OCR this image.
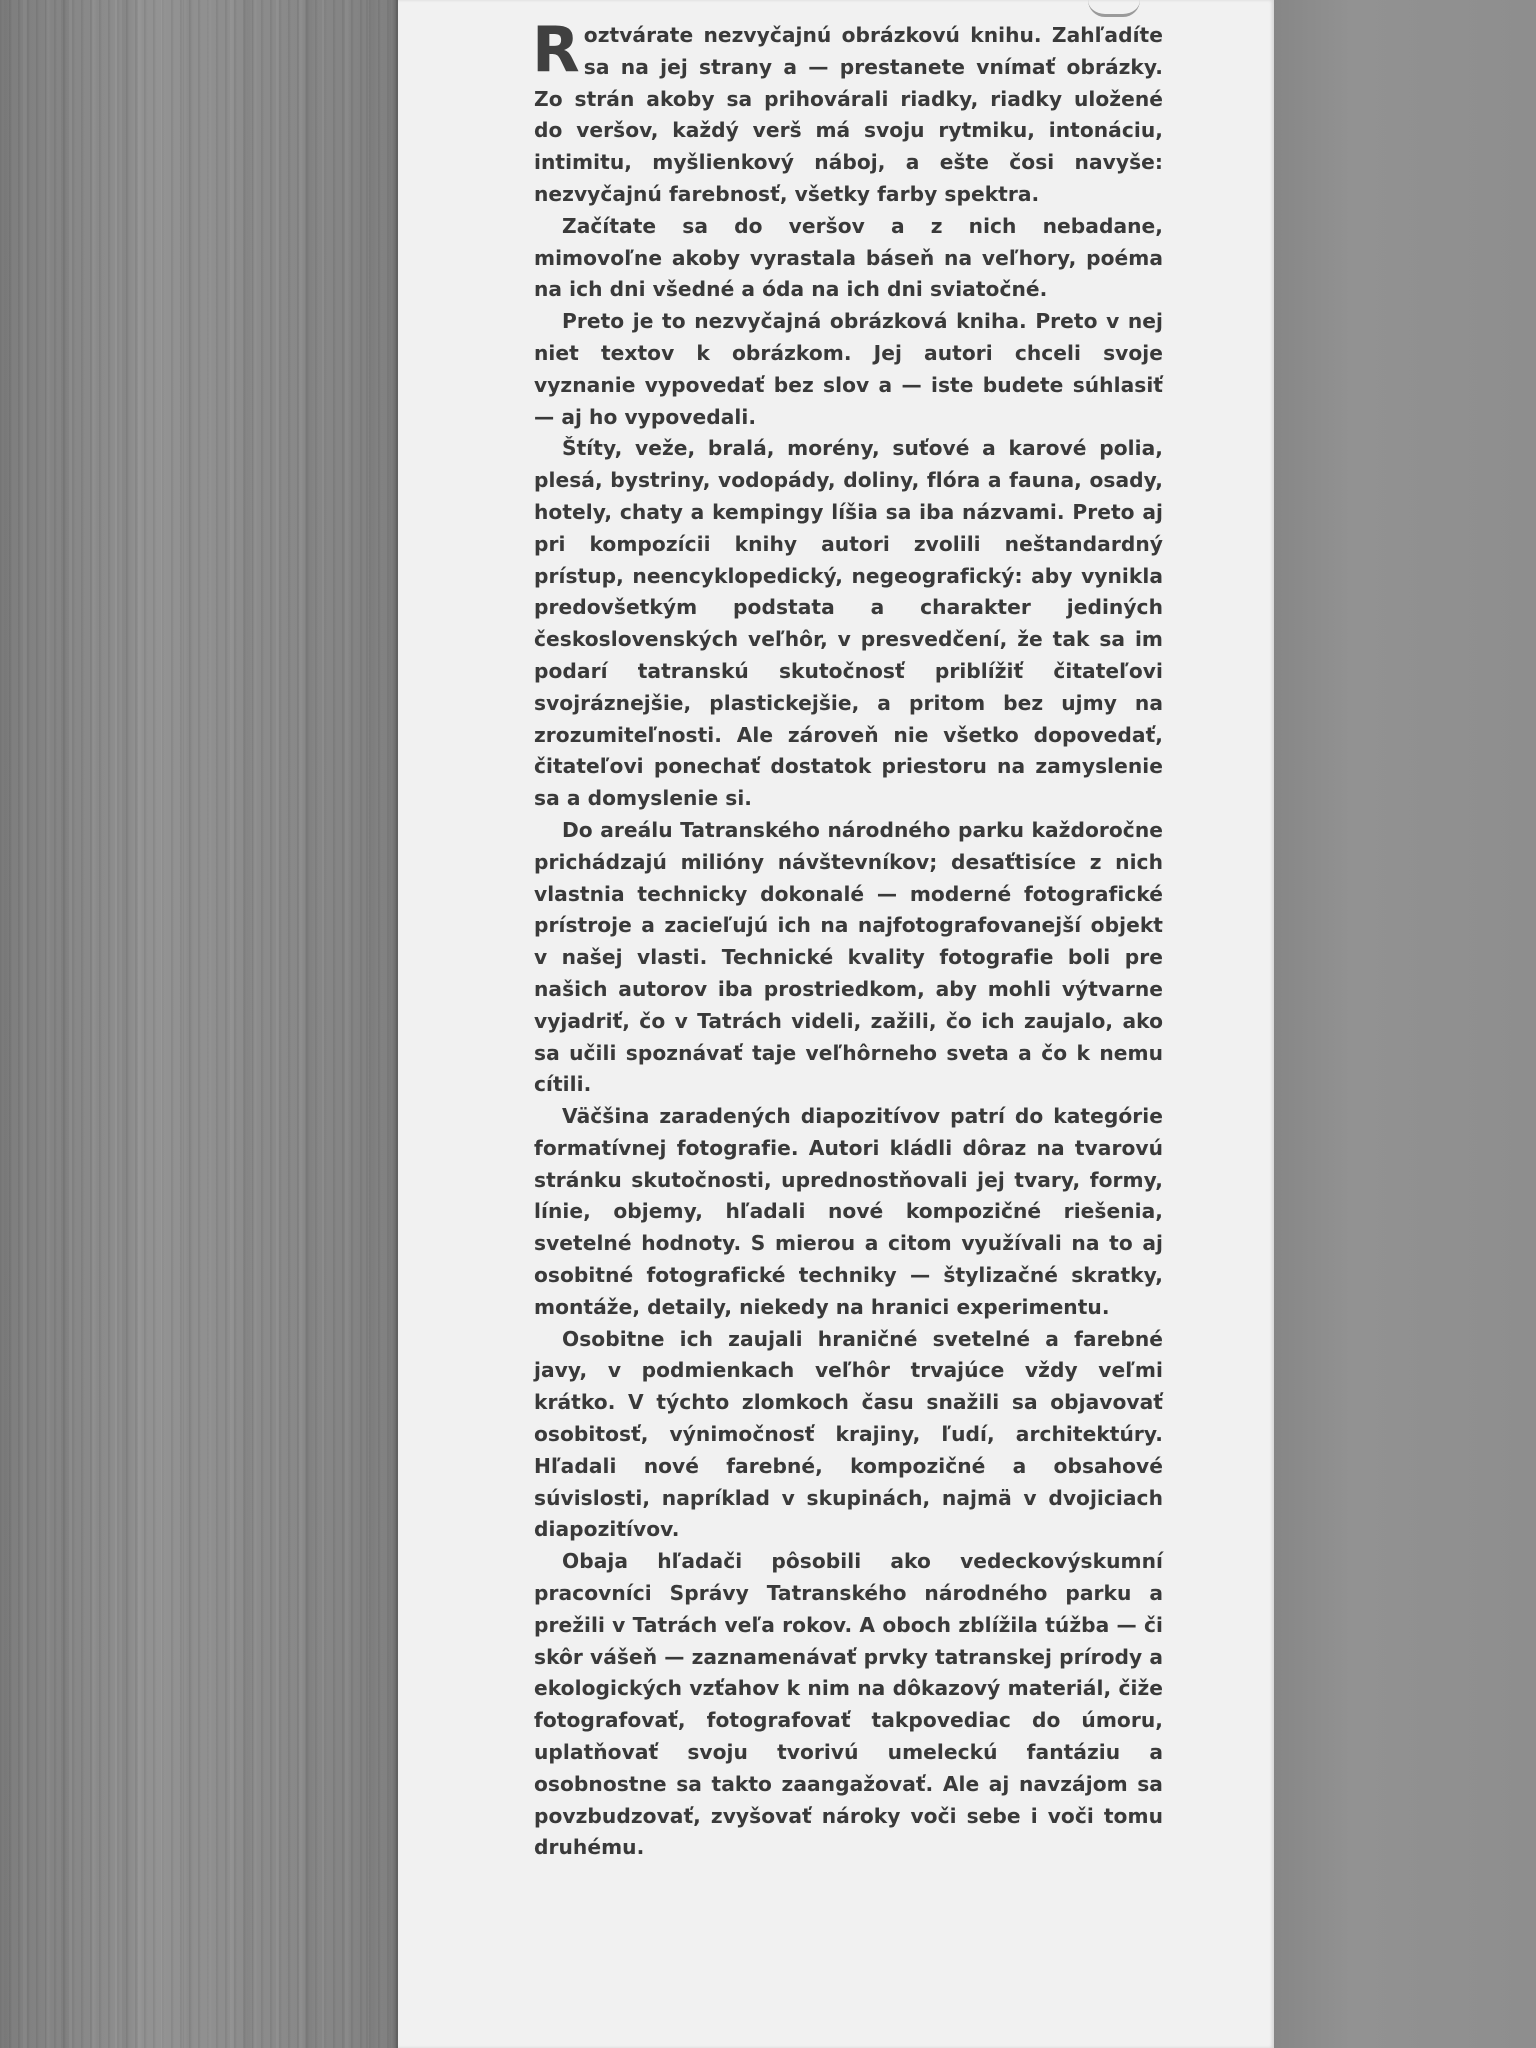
Roztvárate nezvyčajnú obrázkovú knihu. Zahľadíte sa na jej strany a — prestanete vnímať obrázky. Zo strán akoby sa prihovárali riadky, riadky uložené do veršov, každý verš má svoju rytmiku, intonáciu, intimitu, myšlienkový náboj, a ešte čosi navyše: nezvyčajnú farebnosť, všetky farby spektra.

Začítate sa do veršov a z nich nebadane, mimovoľne akoby vyrastala báseň na veľhory, poéma na ich dni všedné a óda na ich dni sviatočné.

Preto je to nezvyčajná obrázková kniha. Preto v nej niet textov k obrázkom. Jej autori chceli svoje vyznanie vypovedať bez slov a — iste budete súhlasiť — aj ho vypovedali.

Štíty, veže, bralá, morény, suťové a karové polia, plesá, bystriny, vodopády, doliny, flóra a fauna, osady, hotely, chaty a kempingy líšia sa iba názvami. Preto aj pri kompozícii knihy autori zvolili neštandardný prístup, neencyklopedický, negeografický: aby vynikla predovšetkým podstata a charakter jediných československých veľhôr, v presvedčení, že tak sa im podarí tatranskú skutočnosť priblížiť čitateľovi svojráznejšie, plastickejšie, a pritom bez ujmy na zrozumiteľnosti. Ale zároveň nie všetko dopovedať, čitateľovi ponechať dostatok priestoru na zamyslenie sa a domyslenie si.

Do areálu Tatranského národného parku každoročne prichádzajú milióny návštevníkov; desaťtisíce z nich vlastnia technicky dokonalé — moderné fotografické prístroje a zacieľujú ich na najfotografovanejší objekt v našej vlasti. Technické kvality fotografie boli pre našich autorov iba prostriedkom, aby mohli výtvarne vyjadriť, čo v Tatrách videli, zažili, čo ich zaujalo, ako sa učili spoznávať taje veľhôrneho sveta a čo k nemu cítili.

Väčšina zaradených diapozitívov patrí do kategórie formatívnej fotografie. Autori kládli dôraz na tvarovú stránku skutočnosti, uprednostňovali jej tvary, formy, línie, objemy, hľadali nové kompozičné riešenia, svetelné hodnoty. S mierou a citom využívali na to aj osobitné fotografické techniky — štylizačné skratky, montáže, detaily, niekedy na hranici experimentu.

Osobitne ich zaujali hraničné svetelné a farebné javy, v podmienkach veľhôr trvajúce vždy veľmi krátko. V týchto zlomkoch času snažili sa objavovať osobitosť, výnimočnosť krajiny, ľudí, architektúry. Hľadali nové farebné, kompozičné a obsahové súvislosti, napríklad v skupinách, najmä v dvojiciach diapozitívov.

Obaja hľadači pôsobili ako vedeckovýskumní pracovníci Správy Tatranského národného parku a prežili v Tatrách veľa rokov. A oboch zblížila túžba — či skôr vášeň — zaznamenávať prvky tatranskej prírody a ekologických vzťahov k nim na dôkazový materiál, čiže fotografovať, fotografovať takpovediac do úmoru, uplatňovať svoju tvorivú umeleckú fantáziu a osobnostne sa takto zaangažovať. Ale aj navzájom sa povzbudzovať, zvyšovať nároky voči sebe i voči tomu druhému.
